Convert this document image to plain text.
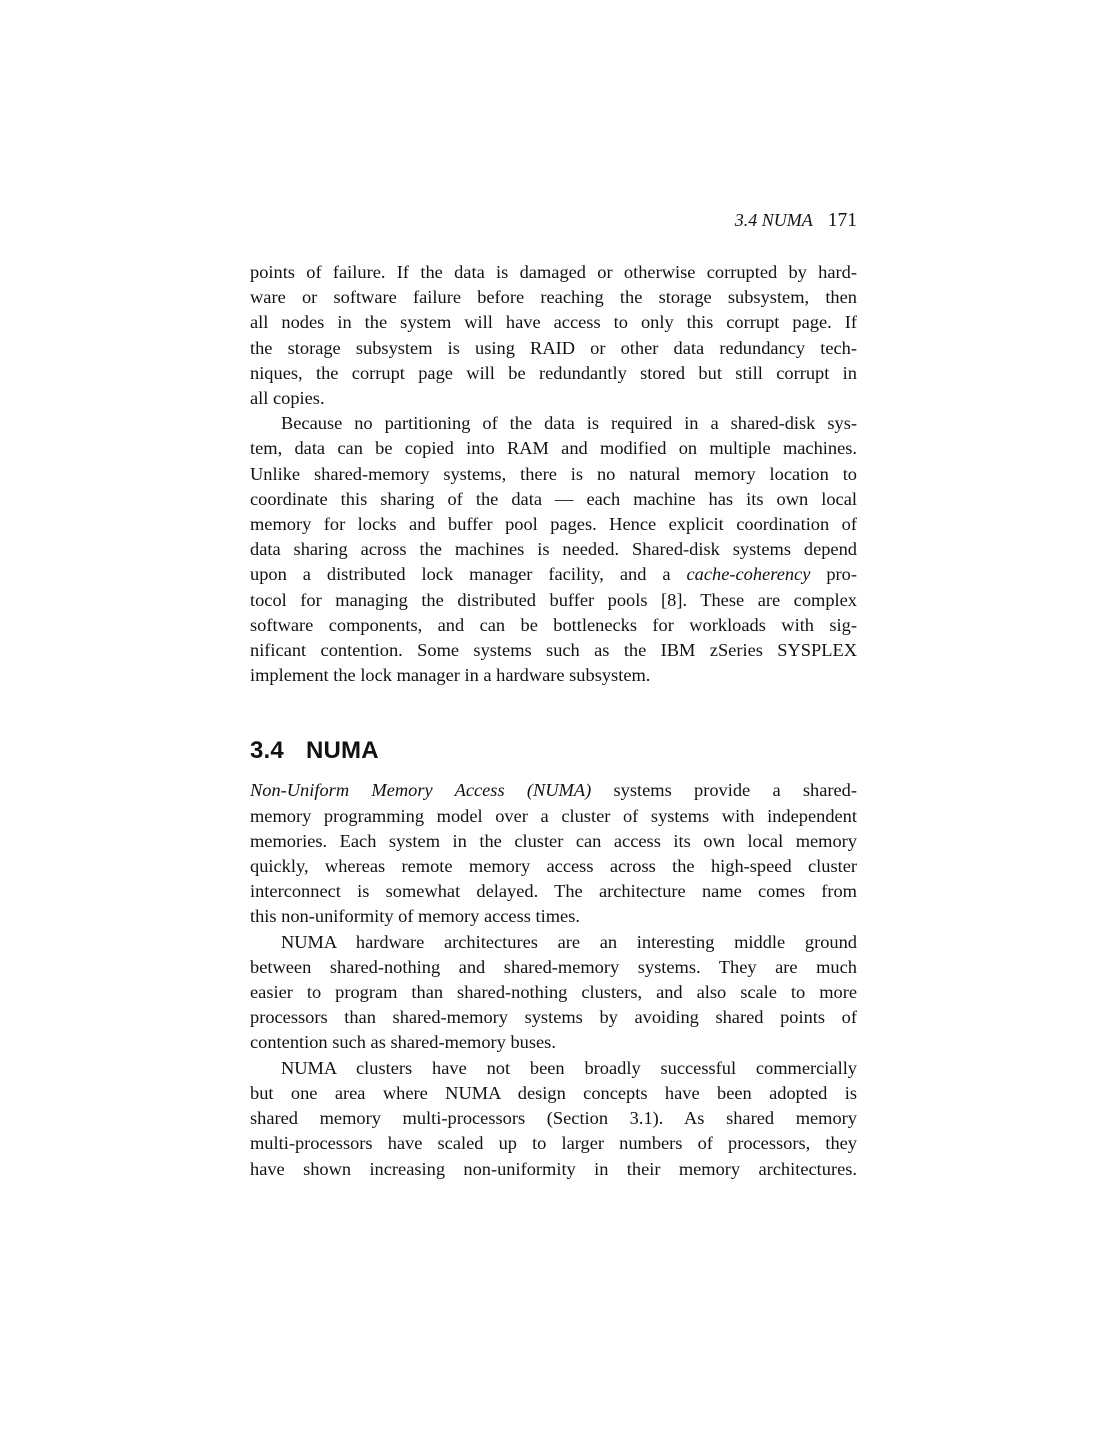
3.4 NUMA 171
points of failure. If the data is damaged or otherwise corrupted by hard-
ware or software failure before reaching the storage subsystem, then
all nodes in the system will have access to only this corrupt page. If
the storage subsystem is using RAID or other data redundancy tech-
niques, the corrupt page will be redundantly stored but still corrupt in
all copies.
Because no partitioning of the data is required in a shared-disk sys-
tem, data can be copied into RAM and modified on multiple machines.
Unlike shared-memory systems, there is no natural memory location to
coordinate this sharing of the data — each machine has its own local
memory for locks and buffer pool pages. Hence explicit coordination of
data sharing across the machines is needed. Shared-disk systems depend
upon a distributed lock manager facility, and a cache-coherency pro-
tocol for managing the distributed buffer pools [8]. These are complex
software components, and can be bottlenecks for workloads with sig-
nificant contention. Some systems such as the IBM zSeries SYSPLEX
implement the lock manager in a hardware subsystem.
3.4 NUMA
Non-Uniform Memory Access (NUMA) systems provide a shared-
memory programming model over a cluster of systems with independent
memories. Each system in the cluster can access its own local memory
quickly, whereas remote memory access across the high-speed cluster
interconnect is somewhat delayed. The architecture name comes from
this non-uniformity of memory access times.
NUMA hardware architectures are an interesting middle ground
between shared-nothing and shared-memory systems. They are much
easier to program than shared-nothing clusters, and also scale to more
processors than shared-memory systems by avoiding shared points of
contention such as shared-memory buses.
NUMA clusters have not been broadly successful commercially
but one area where NUMA design concepts have been adopted is
shared memory multi-processors (Section 3.1). As shared memory
multi-processors have scaled up to larger numbers of processors, they
have shown increasing non-uniformity in their memory architectures.
